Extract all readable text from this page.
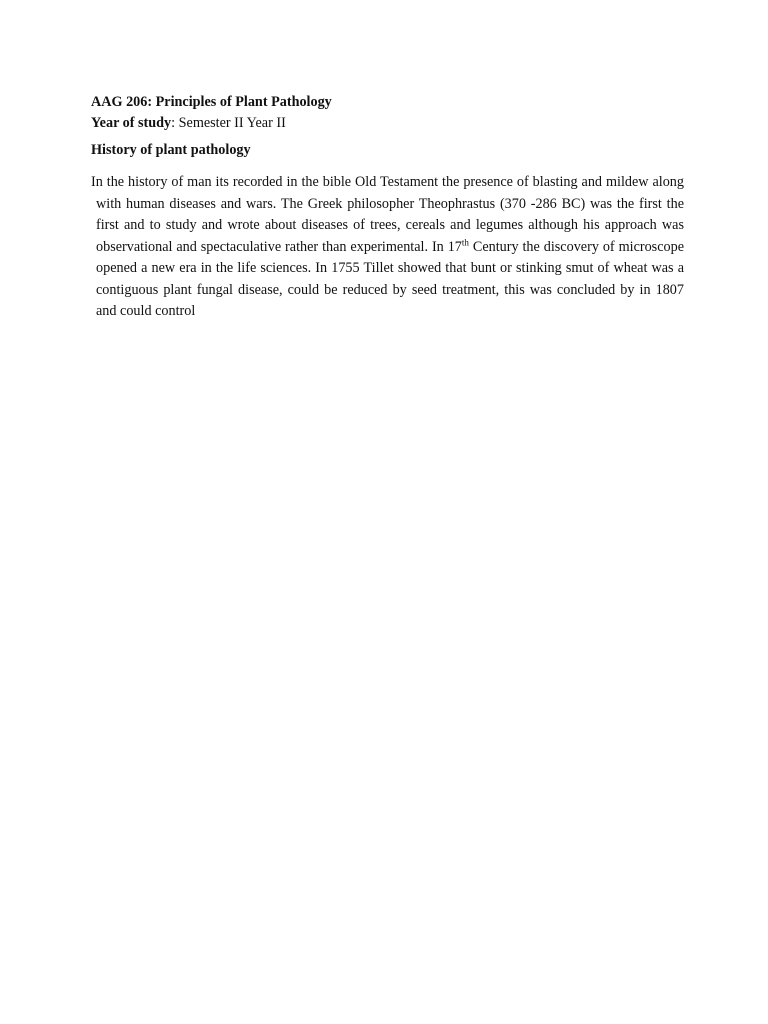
AAG 206: Principles of Plant Pathology
Year of study: Semester II Year II
History of plant pathology

In the history of man its recorded in the bible Old Testament the presence of blasting and mildew along with human diseases and wars. The Greek philosopher Theophrastus (370 -286 BC) was the first the first and to study and wrote about diseases of trees, cereals and legumes although his approach was observational and spectaculative rather than experimental. In 17th Century the discovery of microscope opened a new era in the life sciences. In 1755 Tillet showed that bunt or stinking smut of wheat was a contiguous plant fungal disease, could be reduced by seed treatment, this was concluded by in 1807 and could control
